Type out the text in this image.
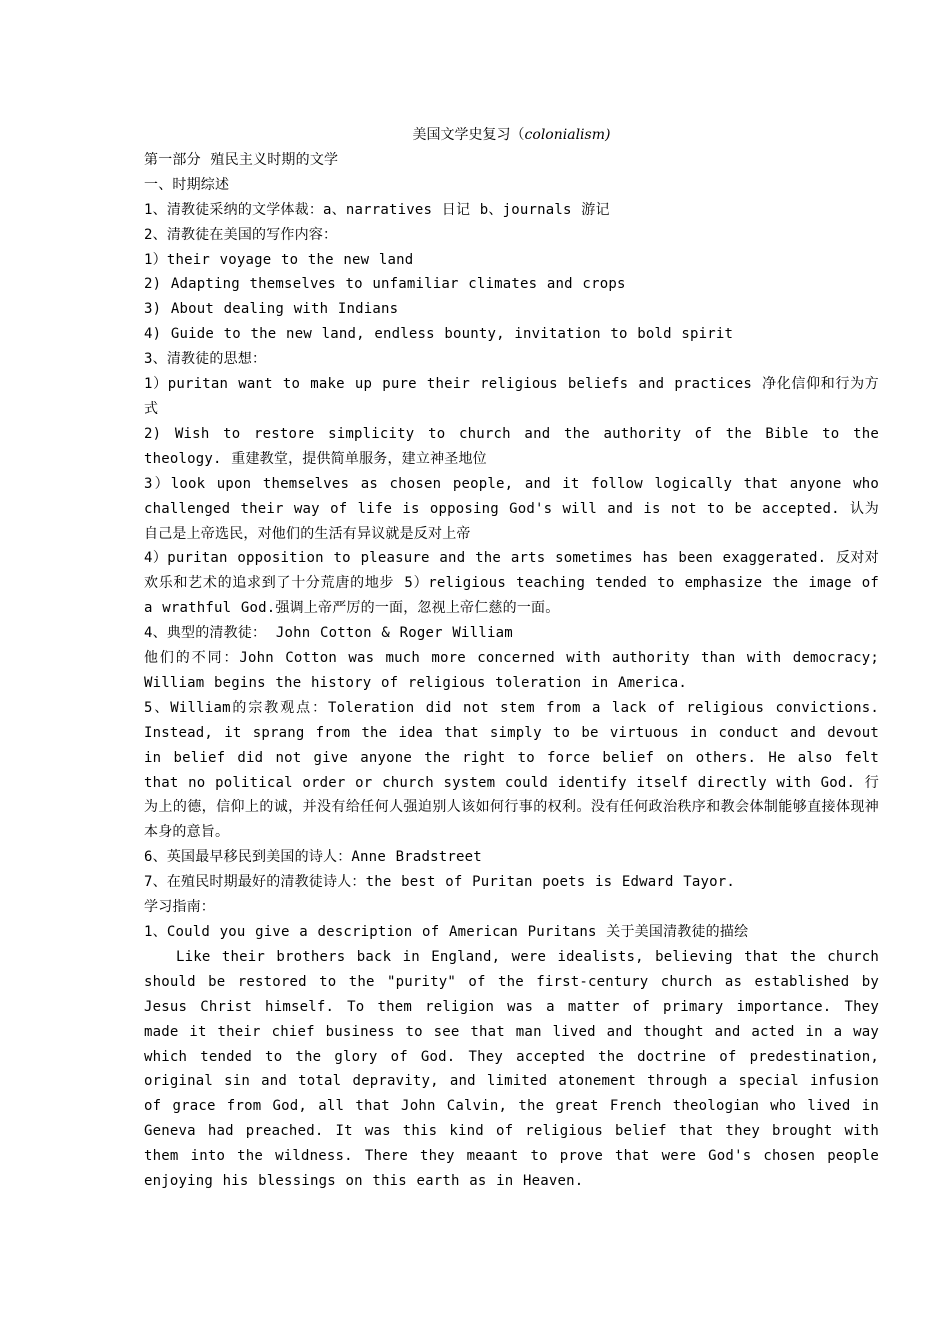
美国文学史复习（colonialism)

第一部分 殖民主义时期的文学

一、时期综述

1、清教徒采纳的文学体裁：a、narratives 日记 b、journals 游记

2、清教徒在美国的写作内容：

1）their voyage to the new land

2) Adapting themselves to unfamiliar climates and crops

3) About dealing with Indians

4) Guide to the new land, endless bounty, invitation to bold spirit

3、清教徒的思想：

1）puritan want to make up pure their religious beliefs and practices 净化信仰和行为方式

2) Wish to restore simplicity to church and the authority of the Bible to the theology. 重建教堂，提供简单服务，建立神圣地位

3）look upon themselves as chosen people, and it follow logically that anyone who challenged their way of life is opposing God's will and is not to be accepted. 认为自己是上帝选民，对他们的生活有异议就是反对上帝

4）puritan opposition to pleasure and the arts sometimes has been exaggerated. 反对对欢乐和艺术的追求到了十分荒唐的地步 5）religious teaching tended to emphasize the image of a wrathful God.强调上帝严厉的一面，忽视上帝仁慈的一面。

4、典型的清教徒： John Cotton & Roger William

他们的不同：John Cotton was much more concerned with authority than with democracy; William begins the history of religious toleration in America.

5、William的宗教观点：Toleration did not stem from a lack of religious convictions. Instead, it sprang from the idea that simply to be virtuous in conduct and devout in belief did not give anyone the right to force belief on others. He also felt that no political order or church system could identify itself directly with God. 行为上的德，信仰上的诚，并没有给任何人强迫别人该如何行事的权利。没有任何政治秩序和教会体制能够直接体现神本身的意旨。

6、英国最早移民到美国的诗人：Anne Bradstreet

7、在殖民时期最好的清教徒诗人：the best of Puritan poets is Edward Tayor.

学习指南：

1、Could you give a description of American Puritans 关于美国清教徒的描绘

Like their brothers back in England, were idealists, believing that the church should be restored to the "purity" of the first-century church as established by Jesus Christ himself. To them religion was a matter of primary importance. They made it their chief business to see that man lived and thought and acted in a way which tended to the glory of God. They accepted the doctrine of predestination, original sin and total depravity, and limited atonement through a special infusion of grace from God, all that John Calvin, the great French theologian who lived in Geneva had preached. It was this kind of religious belief that they brought with them into the wildness. There they meaant to prove that were God's chosen people enjoying his blessings on this earth as in Heaven.
